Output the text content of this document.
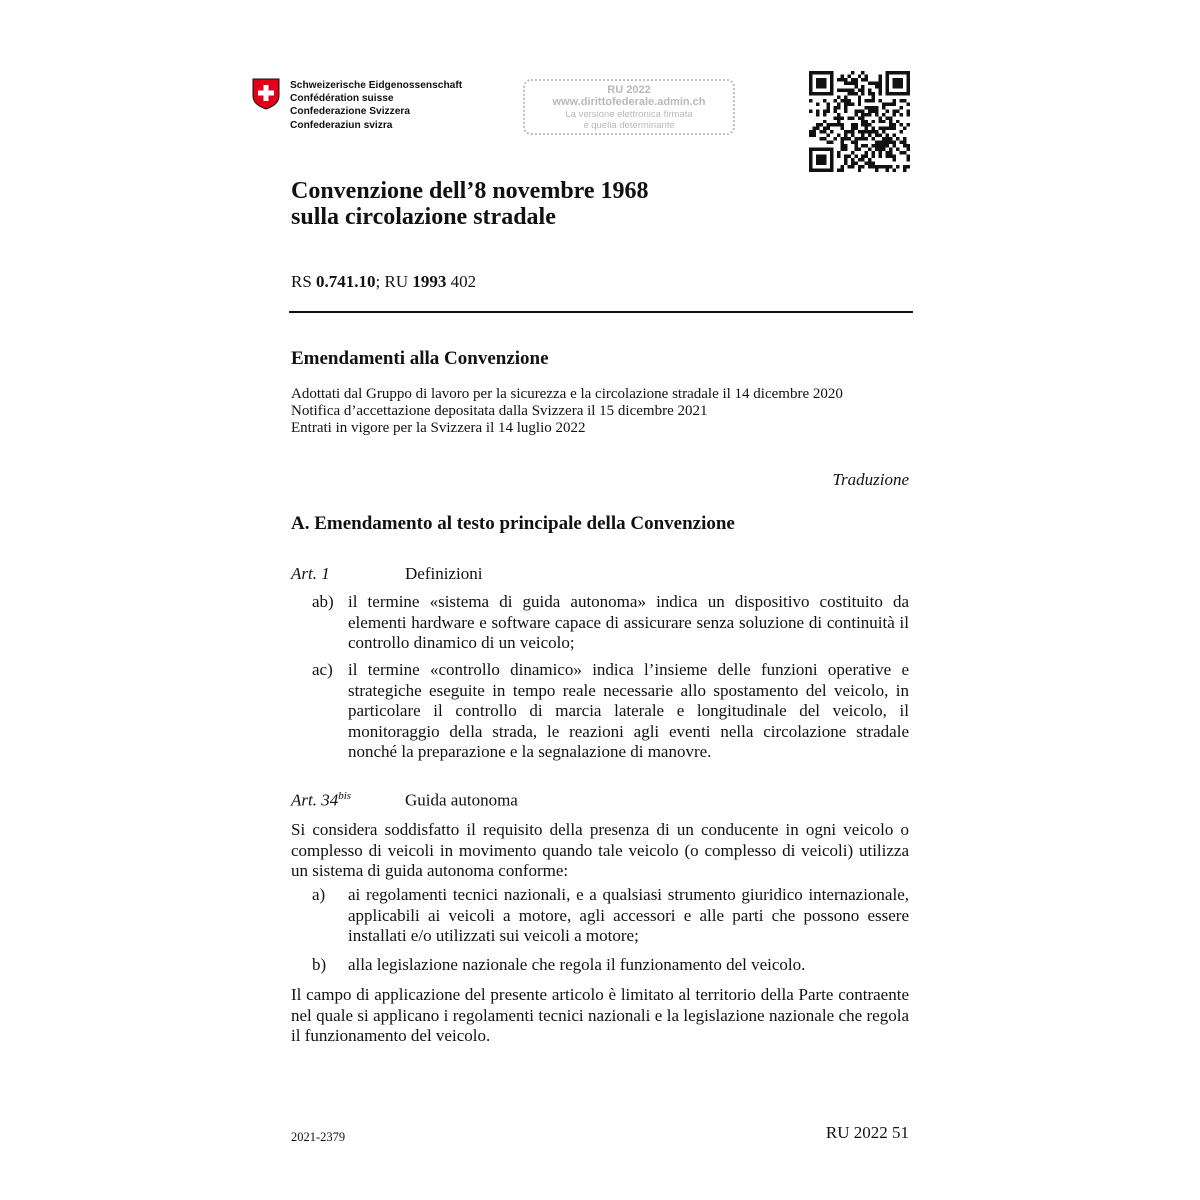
Schweizerische Eidgenossenschaft
Confédération suisse
Confederazione Svizzera
Confederaziun svizra
RU 2022
www.dirittofederale.admin.ch
La versione elettronica firmata
è quella determinante
Convenzione dell’8 novembre 1968
sulla circolazione stradale
RS 0.741.10; RU 1993 402
Emendamenti alla Convenzione
Adottati dal Gruppo di lavoro per la sicurezza e la circolazione stradale il 14 dicembre 2020
Notifica d’accettazione depositata dalla Svizzera il 15 dicembre 2021
Entrati in vigore per la Svizzera il 14 luglio 2022
Traduzione
A. Emendamento al testo principale della Convenzione
Art. 1	Definizioni
ab) il termine «sistema di guida autonoma» indica un dispositivo costituito da elementi hardware e software capace di assicurare senza soluzione di continuità il controllo dinamico di un veicolo;
ac) il termine «controllo dinamico» indica l’insieme delle funzioni operative e strategiche eseguite in tempo reale necessarie allo spostamento del veicolo, in particolare il controllo di marcia laterale e longitudinale del veicolo, il monitoraggio della strada, le reazioni agli eventi nella circolazione stradale nonché la preparazione e la segnalazione di manovre.
Art. $34^{bis}$	Guida autonoma
Si considera soddisfatto il requisito della presenza di un conducente in ogni veicolo o complesso di veicoli in movimento quando tale veicolo (o complesso di veicoli) utilizza un sistema di guida autonoma conforme:
a) ai regolamenti tecnici nazionali, e a qualsiasi strumento giuridico internazionale, applicabili ai veicoli a motore, agli accessori e alle parti che possono essere installati e/o utilizzati sui veicoli a motore;
b) alla legislazione nazionale che regola il funzionamento del veicolo.
Il campo di applicazione del presente articolo è limitato al territorio della Parte contraente nel quale si applicano i regolamenti tecnici nazionali e la legislazione nazionale che regola il funzionamento del veicolo.
2021-2379	RU 2022 51
